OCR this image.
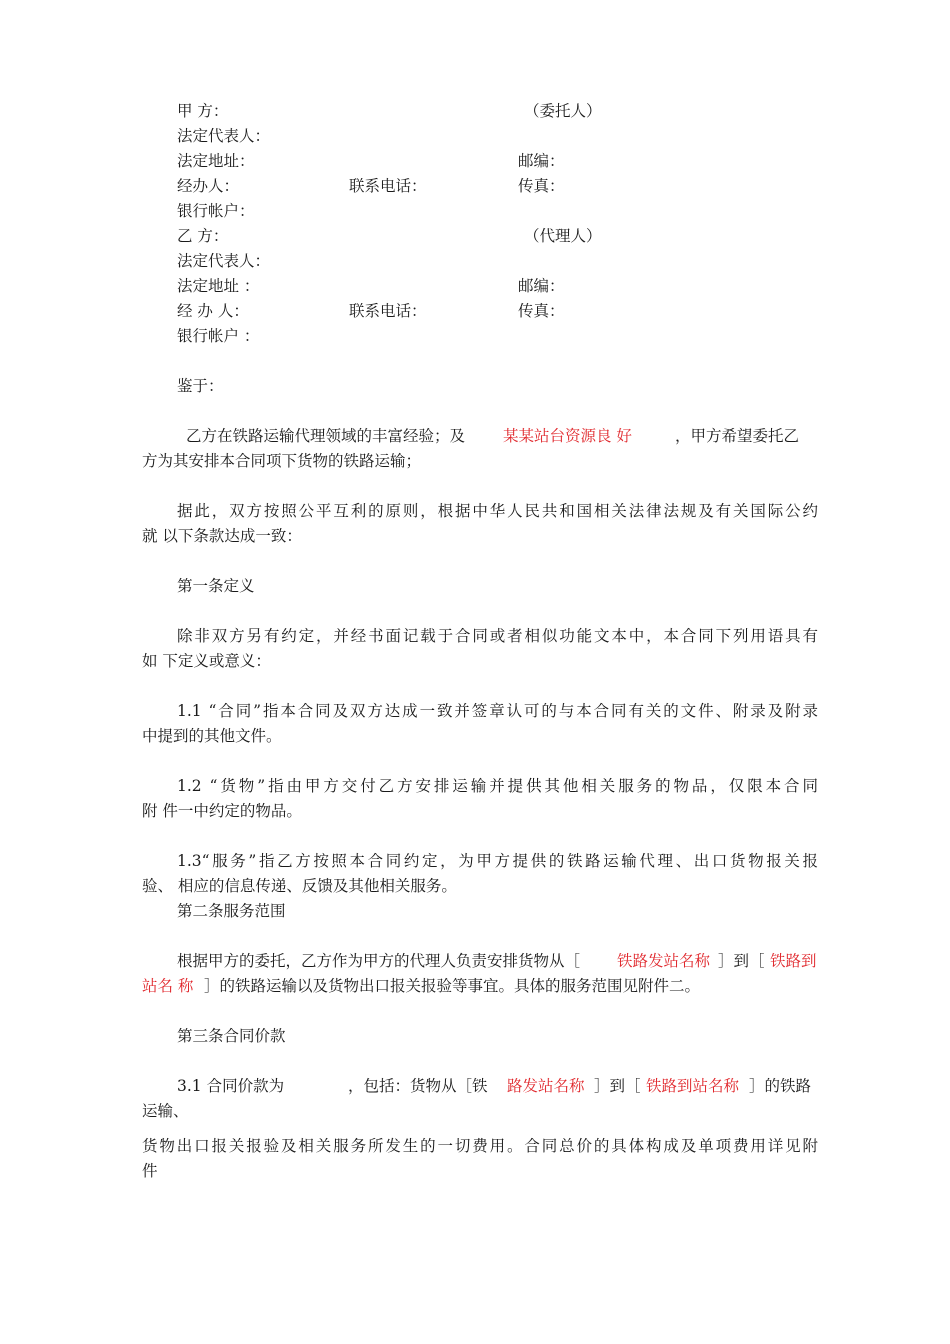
甲 方：	（委托人）
法定代表人：
法定地址：	邮编：
经办人：	联系电话：	传真：
银行帐户：
乙 方：	（代理人）
法定代表人：
法定地址 ：	邮编：
经 办 人：	联系电话：	传真：
银行帐户 ：
鉴于：
乙方在铁路运输代理领域的丰富经验；及 某某站台资源良 好	，甲方希望委托乙
方为其安排本合同项下货物的铁路运输；
据此，双方按照公平互利的原则，根据中华人民共和国相关法律法规及有关国际公约
就 以下条款达成一致：
第一条定义
除非双方另有约定，并经书面记载于合同或者相似功能文本中，本合同下列用语具有
如 下定义或意义：
1.1 “合同”指本合同及双方达成一致并签章认可的与本合同有关的文件、附录及附录
中提到的其他文件。
1.2 “货物”指由甲方交付乙方安排运输并提供其他相关服务的物品，仅限本合同
附 件一中约定的物品。
1.3“服务”指乙方按照本合同约定，为甲方提供的铁路运输代理、出口货物报关报
验、 相应的信息传递、反馈及其他相关服务。
第二条服务范围
根据甲方的委托，乙方作为甲方的代理人负责安排货物从［ 铁路发站名称 ］到［ 铁路到
站名 称 ］的铁路运输以及货物出口报关报验等事宜。具体的服务范围见附件二。
第三条合同价款
3.1 合同价款为	，包括：货物从［铁 路发站名称 ］到［ 铁路到站名称 ］的铁路
运输、
货物出口报关报验及相关服务所发生的一切费用。合同总价的具体构成及单项费用详见附
件
